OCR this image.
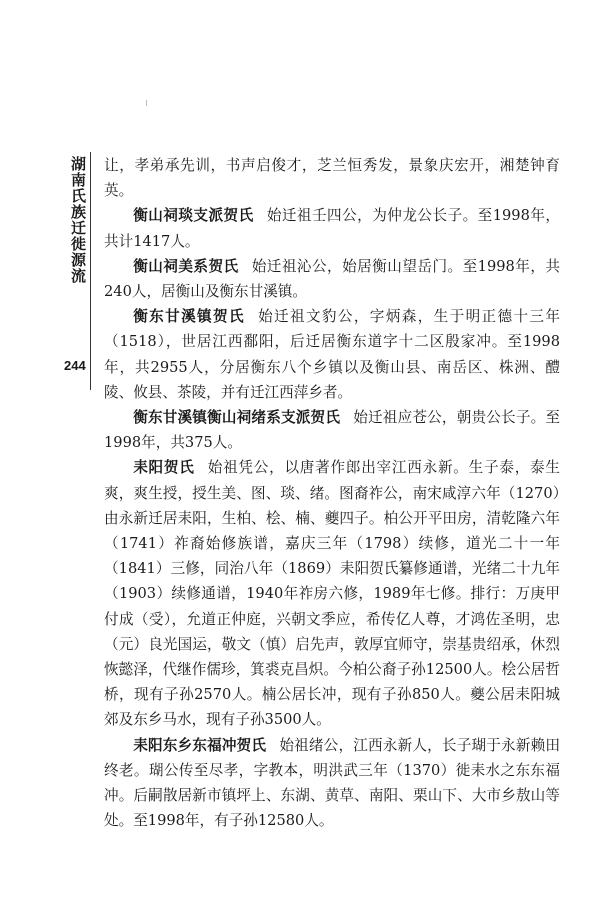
湖南氏族迁徙源流
244

让，孝弟承先训，书声启俊才，芝兰恒秀发，景象庆宏开，湘楚钟育英。

衡山祠琰支派贺氏 始迁祖壬四公，为仲龙公长子。至1998年，共计1417人。

衡山祠美系贺氏 始迁祖沁公，始居衡山望岳门。至1998年，共240人，居衡山及衡东甘溪镇。

衡东甘溪镇贺氏 始迁祖文豹公，字炳森，生于明正德十三年（1518），世居江西鄱阳，后迁居衡东道字十二区殷家冲。至1998年，共2955人，分居衡东八个乡镇以及衡山县、南岳区、株洲、醴陵、攸县、茶陵，并有迁江西萍乡者。

衡东甘溪镇衡山祠绪系支派贺氏 始迁祖应苍公，朝贵公长子。至1998年，共375人。

耒阳贺氏 始祖凭公，以唐著作郎出宰江西永新。生子泰，泰生爽，爽生授，授生美、图、琰、绪。图裔祚公，南宋咸淳六年（1270）由永新迁居耒阳，生柏、桧、楠、夔四子。柏公开平田房，清乾隆六年（1741）祚裔始修族谱，嘉庆三年（1798）续修，道光二十一年（1841）三修，同治八年（1869）耒阳贺氏纂修通谱，光绪二十九年（1903）续修通谱，1940年祚房六修，1989年七修。排行：万庚甲付成（受），允道正仲庭，兴朝文季应，希传亿人尊，才鸿佐圣明，忠（元）良光国运，敬文（慎）启先声，敦厚宜师守，崇基贵绍承，休烈恢懿泽，代继作儒珍，箕裘克昌炽。今柏公裔子孙12500人。桧公居哲桥，现有子孙2570人。楠公居长冲，现有子孙850人。夔公居耒阳城郊及东乡马水，现有子孙3500人。

耒阳东乡东福冲贺氏 始祖绪公，江西永新人，长子瑚于永新赖田终老。瑚公传至尽孝，字教本，明洪武三年（1370）徙耒水之东东福冲。后嗣散居新市镇坪上、东湖、黄草、南阳、栗山下、大市乡敖山等处。至1998年，有子孙12580人。
